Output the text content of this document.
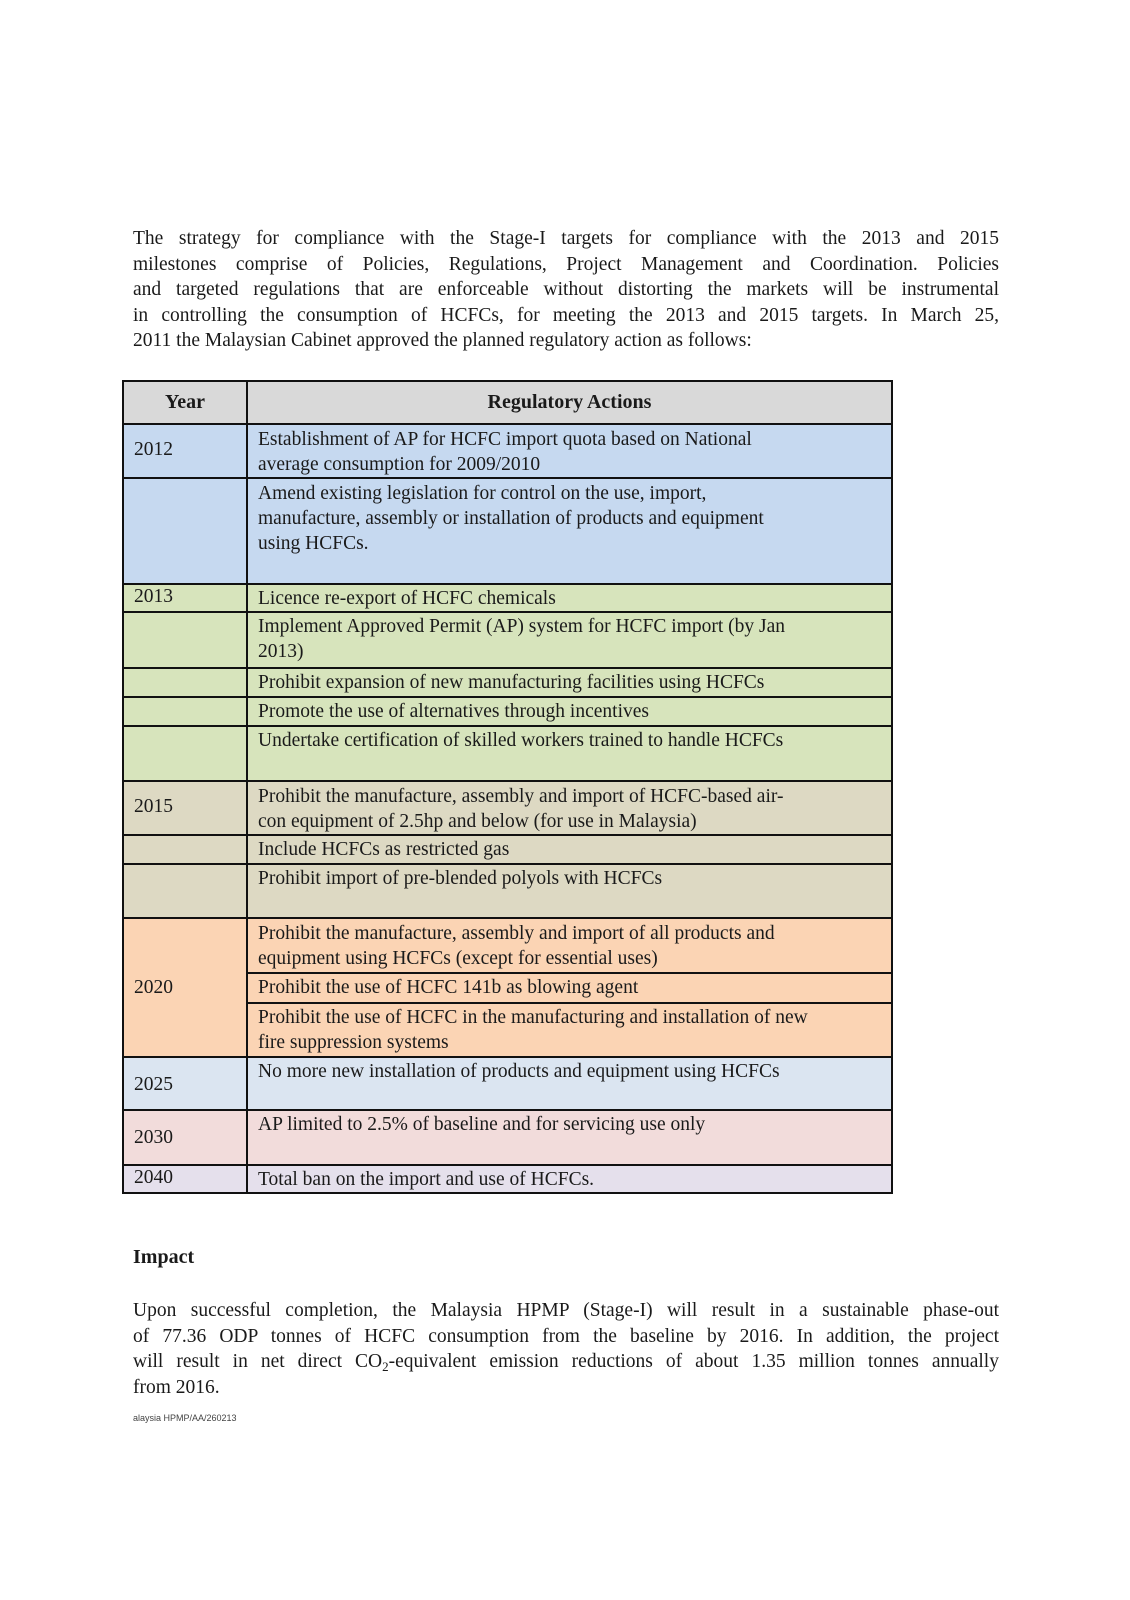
The strategy for compliance with the Stage-I targets for compliance with the 2013 and 2015
milestones comprise of Policies, Regulations, Project Management and Coordination. Policies
and targeted regulations that are enforceable without distorting the markets will be instrumental
in controlling the consumption of HCFCs, for meeting the 2013 and 2015 targets. In March 25,
2011 the Malaysian Cabinet approved the planned regulatory action as follows:
Year	Regulatory Actions
2012	Establishment of AP for HCFC import quota based on National
average consumption for 2009/2010

	Amend existing legislation for control on the use, import,
manufacture, assembly or installation of products and equipment
using HCFCs.

2013	Licence re-export of HCFC chemicals

	Implement Approved Permit (AP) system for HCFC import (by Jan
2013)

	Prohibit expansion of new manufacturing facilities using HCFCs

	Promote the use of alternatives through incentives

	Undertake certification of skilled workers trained to handle HCFCs

2015	Prohibit the manufacture, assembly and import of HCFC-based air-
con equipment of 2.5hp and below (for use in Malaysia)

	Include HCFCs as restricted gas

	Prohibit import of pre-blended polyols with HCFCs

2020	Prohibit the manufacture, assembly and import of all products and
equipment using HCFCs (except for essential uses)

	Prohibit the use of HCFC 141b as blowing agent

	Prohibit the use of HCFC in the manufacturing and installation of new
fire suppression systems

2025	No more new installation of products and equipment using HCFCs

2030	AP limited to 2.5% of baseline and for servicing use only

2040	Total ban on the import and use of HCFCs.
Impact
Upon successful completion, the Malaysia HPMP (Stage-I) will result in a sustainable phase-out
of 77.36 ODP tonnes of HCFC consumption from the baseline by 2016. In addition, the project
will result in net direct $CO_2$-equivalent emission reductions of about 1.35 million tonnes annually
from 2016.
alaysia HPMP/AA/260213
